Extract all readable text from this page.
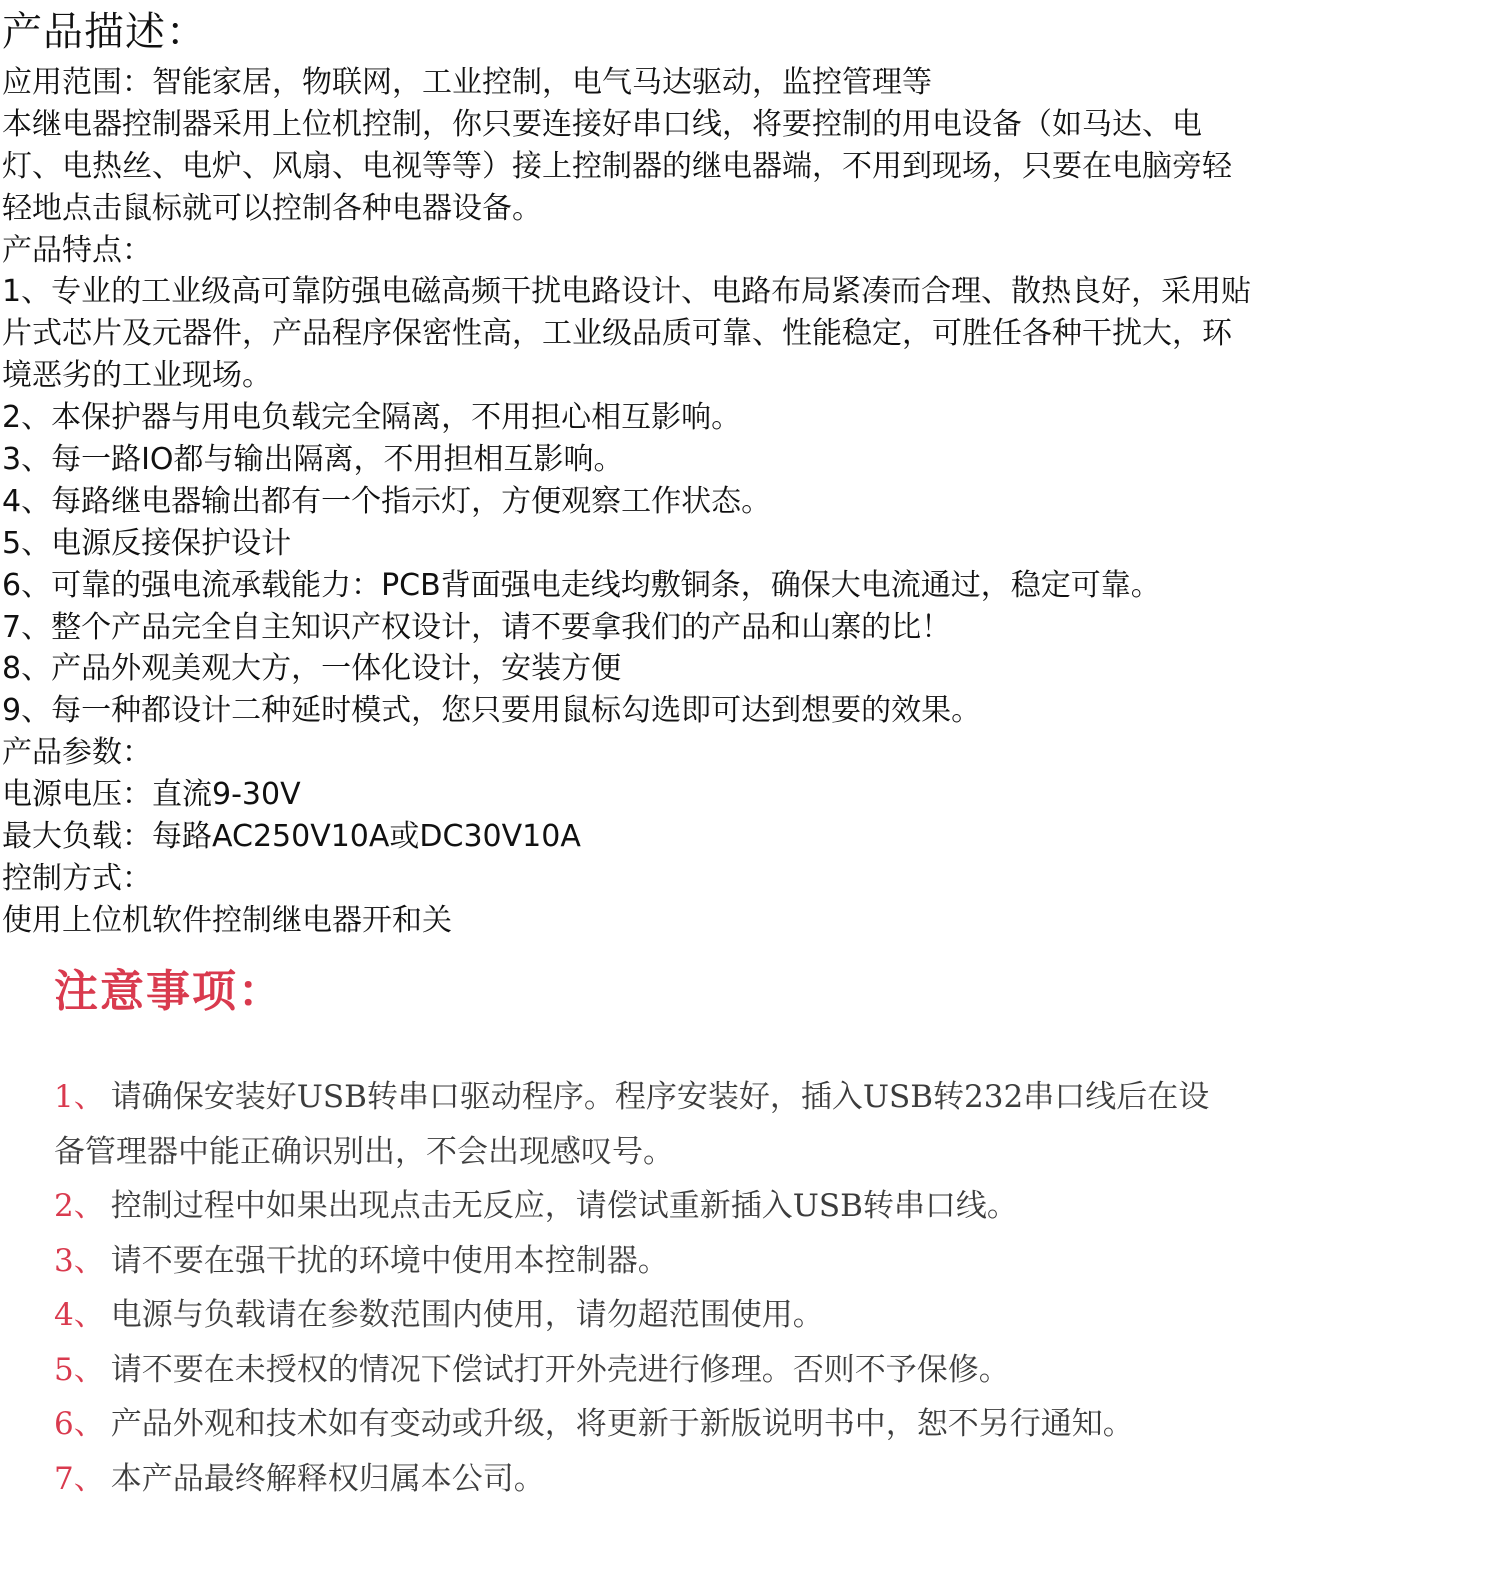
产品描述：
应用范围：智能家居，物联网，工业控制，电气马达驱动，监控管理等
本继电器控制器采用上位机控制，你只要连接好串口线，将要控制的用电设备（如马达、电
灯、电热丝、电炉、风扇、电视等等）接上控制器的继电器端，不用到现场，只要在电脑旁轻
轻地点击鼠标就可以控制各种电器设备。
产品特点：
1、专业的工业级高可靠防强电磁高频干扰电路设计、电路布局紧凑而合理、散热良好，采用贴
片式芯片及元器件，产品程序保密性高，工业级品质可靠、性能稳定，可胜任各种干扰大，环
境恶劣的工业现场。
2、本保护器与用电负载完全隔离，不用担心相互影响。
3、每一路IO都与输出隔离，不用担相互影响。
4、每路继电器输出都有一个指示灯，方便观察工作状态。
5、电源反接保护设计
6、可靠的强电流承载能力：PCB背面强电走线均敷铜条，确保大电流通过，稳定可靠。
7、整个产品完全自主知识产权设计，请不要拿我们的产品和山寨的比！
8、产品外观美观大方，一体化设计，安装方便
9、每一种都设计二种延时模式，您只要用鼠标勾选即可达到想要的效果。
产品参数：
电源电压：直流9-30V
最大负载：每路AC250V10A或DC30V10A
控制方式：
使用上位机软件控制继电器开和关
注意事项：
1、 请确保安装好USB转串口驱动程序。程序安装好，插入USB转232串口线后在设
备管理器中能正确识别出，不会出现感叹号。
2、 控制过程中如果出现点击无反应，请偿试重新插入USB转串口线。
3、 请不要在强干扰的环境中使用本控制器。
4、 电源与负载请在参数范围内使用，请勿超范围使用。
5、 请不要在未授权的情况下偿试打开外壳进行修理。否则不予保修。
6、 产品外观和技术如有变动或升级，将更新于新版说明书中，恕不另行通知。
7、 本产品最终解释权归属本公司。
